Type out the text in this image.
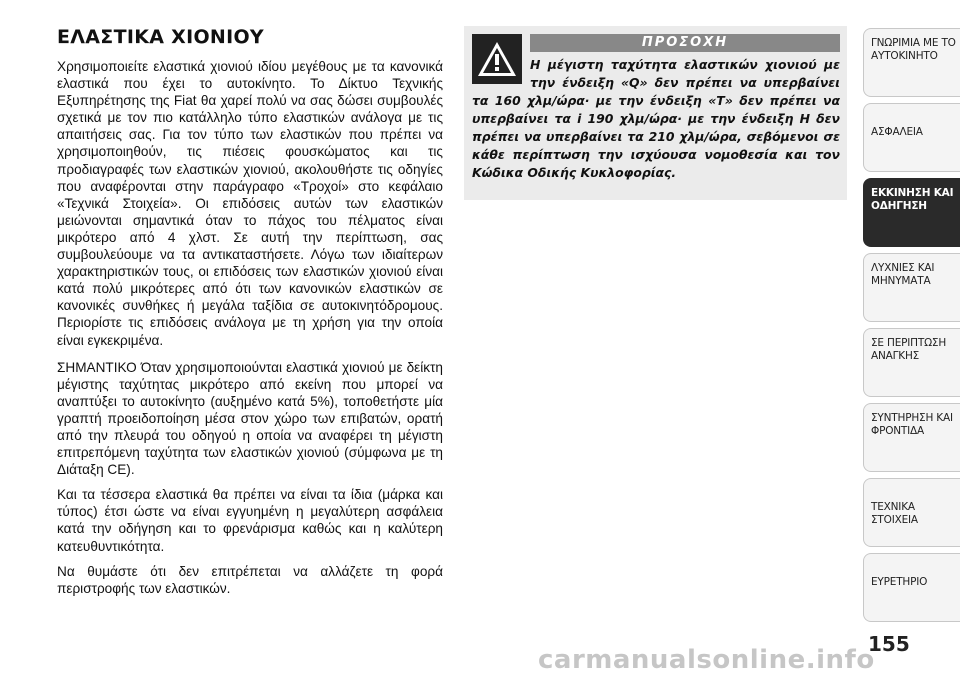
ΕΛΑΣΤΙΚΑ ΧΙΟΝΙΟΥ

Χρησιμοποιείτε ελαστικά χιονιού ιδίου μεγέθους με τα κανονικά ελαστικά που έχει το αυτοκίνητο. Το Δίκτυο Τεχνικής Εξυπηρέτησης της Fiat θα χαρεί πολύ να σας δώσει συμβουλές σχετικά με τον πιο κατάλληλο τύπο ελαστικών ανάλογα με τις απαιτήσεις σας. Για τον τύπο των ελαστικών που πρέπει να χρησιμοποιηθούν, τις πιέσεις φουσκώματος και τις προδιαγραφές των ελαστικών χιονιού, ακολουθήστε τις οδηγίες που αναφέρονται στην παράγραφο «Τροχοί» στο κεφάλαιο «Τεχνικά Στοιχεία». Οι επιδόσεις αυτών των ελαστικών μειώνονται σημαντικά όταν το πάχος του πέλματος είναι μικρότερο από 4 χλστ. Σε αυτή την περίπτωση, σας συμβουλεύουμε να τα αντικαταστήσετε. Λόγω των ιδιαίτερων χαρακτηριστικών τους, οι επιδόσεις των ελαστικών χιονιού είναι κατά πολύ μικρότερες από ότι των κανονικών ελαστικών σε κανονικές συνθήκες ή μεγάλα ταξίδια σε αυτοκινητόδρομους. Περιορίστε τις επιδόσεις ανάλογα με τη χρήση για την οποία είναι εγκεκριμένα.

ΣΗΜΑΝΤΙΚΟ Όταν χρησιμοποιούνται ελαστικά χιονιού με δείκτη μέγιστης ταχύτητας μικρότερο από εκείνη που μπορεί να αναπτύξει το αυτοκίνητο (αυξημένο κατά 5%), τοποθετήστε μία γραπτή προειδοποίηση μέσα στον χώρο των επιβατών, ορατή από την πλευρά του οδηγού η οποία να αναφέρει τη μέγιστη επιτρεπόμενη ταχύτητα των ελαστικών χιονιού (σύμφωνα με τη Διάταξη CE).

Και τα τέσσερα ελαστικά θα πρέπει να είναι τα ίδια (μάρκα και τύπος) έτσι ώστε να είναι εγγυημένη η μεγαλύτερη ασφάλεια κατά την οδήγηση και το φρενάρισμα καθώς και η καλύτερη κατευθυντικότητα.

Να θυμάστε ότι δεν επιτρέπεται να αλλάζετε τη φορά περιστροφής των ελαστικών.

ΠΡΟΣΟΧΗ
Η μέγιστη ταχύτητα ελαστικών χιονιού με την ένδειξη «Q» δεν πρέπει να υπερβαίνει τα 160 χλμ/ώρα· με την ένδειξη «T» δεν πρέπει να υπερβαίνει τα i 190 χλμ/ώρα· με την ένδειξη H δεν πρέπει να υπερβαίνει τα 210 χλμ/ώρα, σεβόμενοι σε κάθε περίπτωση την ισχύουσα νομοθεσία και τον Κώδικα Οδικής Κυκλοφορίας.
ΓΝΩΡΙΜΙΑ ΜΕ ΤΟ
ΑΥΤΟΚΙΝΗΤΟ
ΑΣΦΑΛΕΙΑ
ΕΚΚΙΝΗΣΗ ΚΑΙ
ΟΔΗΓΗΣΗ
ΛΥΧΝΙΕΣ ΚΑΙ
ΜΗΝΥΜΑΤΑ
ΣΕ ΠΕΡΙΠΤΩΣΗ
ΑΝΑΓΚΗΣ
ΣΥΝΤΗΡΗΣΗ ΚΑΙ
ΦΡΟΝΤΙΔΑ
ΤΕΧΝΙΚΑ ΣΤΟΙΧΕΙΑ
ΕΥΡΕΤΗΡΙΟ
155
carmanualsonline.info
